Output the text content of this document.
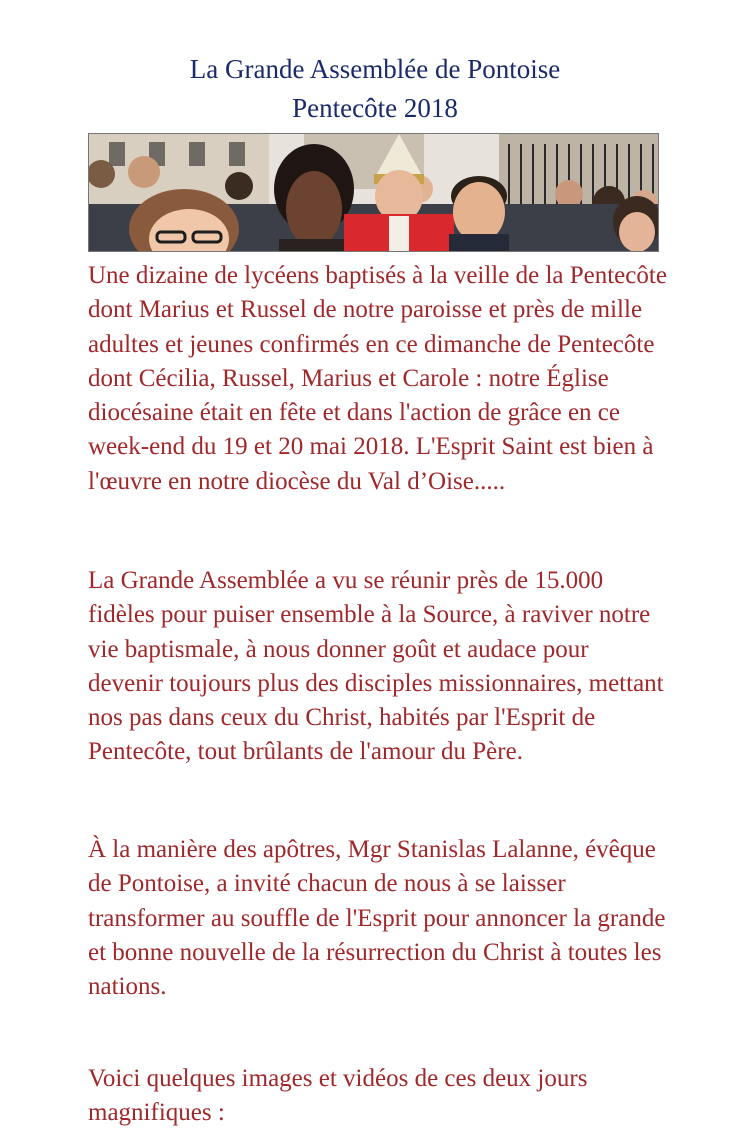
La Grande Assemblée de Pontoise
Pentecôte 2018

Une dizaine de lycéens baptisés à la veille de la Pentecôte dont Marius et Russel de notre paroisse et près de mille adultes et jeunes confirmés en ce dimanche de Pentecôte dont Cécilia, Russel, Marius et Carole : notre Église diocésaine était en fête et dans l'action de grâce en ce week-end du 19 et 20 mai 2018. L'Esprit Saint est bien à l'œuvre en notre diocèse du Val d’Oise.....

La Grande Assemblée a vu se réunir près de 15.000 fidèles pour puiser ensemble à la Source, à raviver notre vie baptismale, à nous donner goût et audace pour devenir toujours plus des disciples missionnaires, mettant nos pas dans ceux du Christ, habités par l'Esprit de Pentecôte, tout brûlants de l'amour du Père.

À la manière des apôtres, Mgr Stanislas Lalanne, évêque de Pontoise, a invité chacun de nous à se laisser transformer au souffle de l'Esprit pour annoncer la grande et bonne nouvelle de la résurrection du Christ à toutes les nations.

Voici quelques images et vidéos de ces deux jours magnifiques :
